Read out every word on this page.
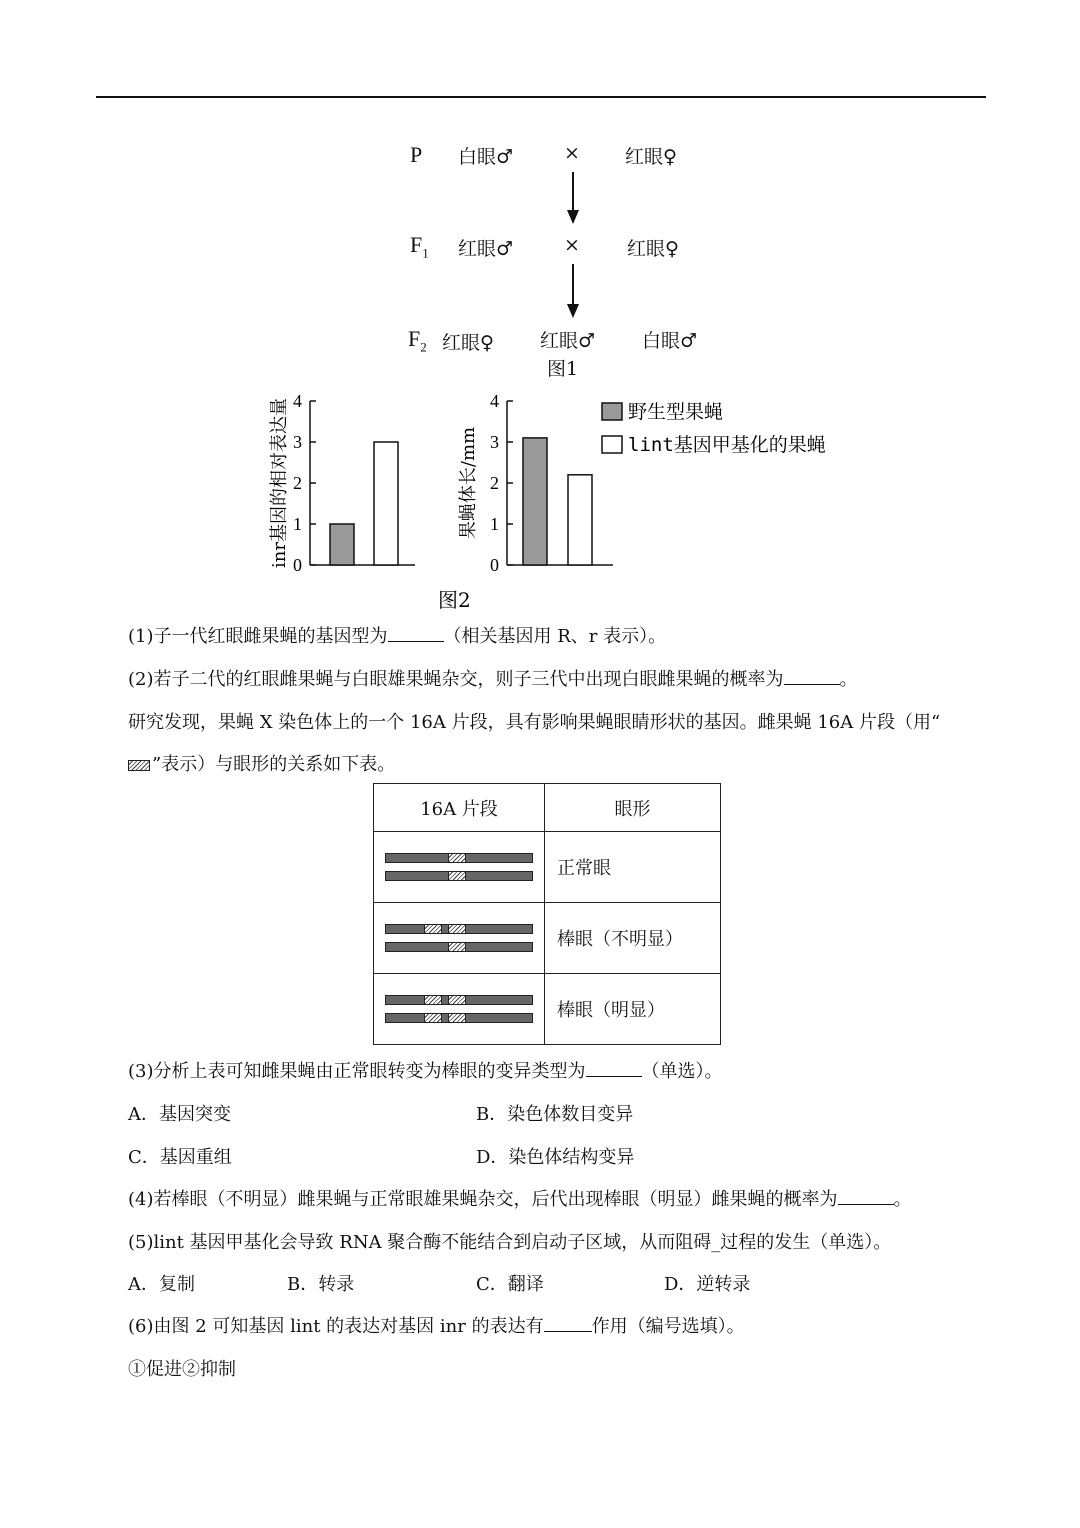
P 白眼♂	× 红眼♀
$F_1$ 红眼♂	× 红眼♀
$F_2$ 红眼♀ 红眼♂ 白眼♂
图1
0
1
2
3
4
0
1
2
3
4
inr基因的相对表达量	果蝇体长/mm
野生型果蝇
lint基因甲基化的果蝇
图2
(1)子一代红眼雌果蝇的基因型为	（相关基因用 R、r 表示）。
(2)若子二代的红眼雌果蝇与白眼雄果蝇杂交，则子三代中出现白眼雌果蝇的概率为	。
研究发现，果蝇 X 染色体上的一个 16A 片段，具有影响果蝇眼睛形状的基因。雌果蝇 16A 片段（用“
”表示）与眼形的关系如下表。
16A 片段	眼形

	正常眼

	棒眼（不明显）

	棒眼（明显）
(3)分析上表可知雌果蝇由正常眼转变为棒眼的变异类型为	（单选）。
A．基因突变	B．染色体数目变异
C．基因重组	D．染色体结构变异
(4)若棒眼（不明显）雌果蝇与正常眼雄果蝇杂交，后代出现棒眼（明显）雌果蝇的概率为	。
(5)lint 基因甲基化会导致 RNA 聚合酶不能结合到启动子区域，从而阻碍_过程的发生（单选）。
A．复制	B．转录	C．翻译	D．逆转录
(6)由图 2 可知基因 lint 的表达对基因 inr 的表达有	作用（编号选填）。
①促进②抑制
